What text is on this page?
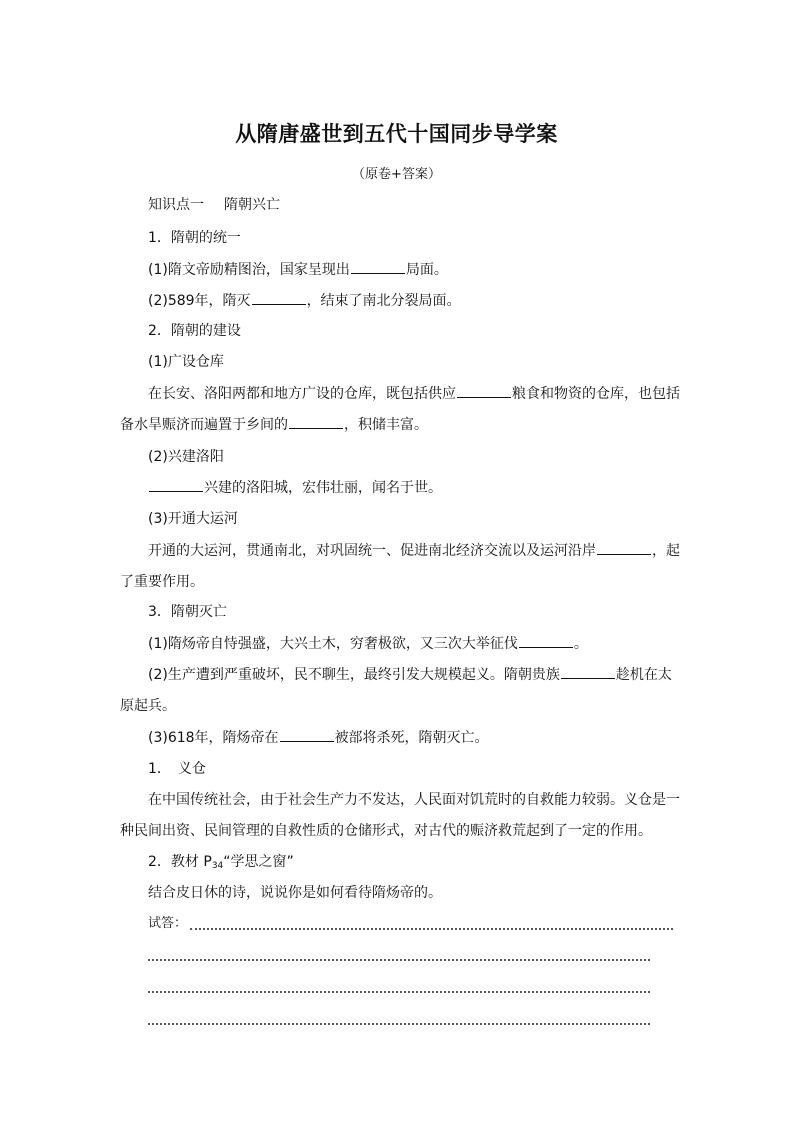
从隋唐盛世到五代十国同步导学案
（原卷+答案）
知识点一 隋朝兴亡
1．隋朝的统一
(1)隋文帝励精图治，国家呈现出	局面。
(2)589年，隋灭	，结束了南北分裂局面。
2．隋朝的建设
(1)广设仓库
在长安、洛阳两都和地方广设的仓库，既包括供应	粮食和物资的仓库，也包括
备水旱赈济而遍置于乡间的	，积储丰富。
(2)兴建洛阳
兴建的洛阳城，宏伟壮丽，闻名于世。
(3)开通大运河
开通的大运河，贯通南北，对巩固统一、促进南北经济交流以及运河沿岸	，起
了重要作用。
3．隋朝灭亡
(1)隋炀帝自恃强盛，大兴土木，穷奢极欲，又三次大举征伐	。
(2)生产遭到严重破坏，民不聊生，最终引发大规模起义。隋朝贵族	趁机在太
原起兵。
(3)618年，隋炀帝在	被部将杀死，隋朝灭亡。
1．　义仓
在中国传统社会，由于社会生产力不发达，人民面对饥荒时的自救能力较弱。义仓是一
种民间出资、民间管理的自救性质的仓储形式，对古代的赈济救荒起到了一定的作用。
2．教材 $P_{34}“$学思之窗”
结合皮日休的诗，说说你是如何看待隋炀帝的。
试答：
